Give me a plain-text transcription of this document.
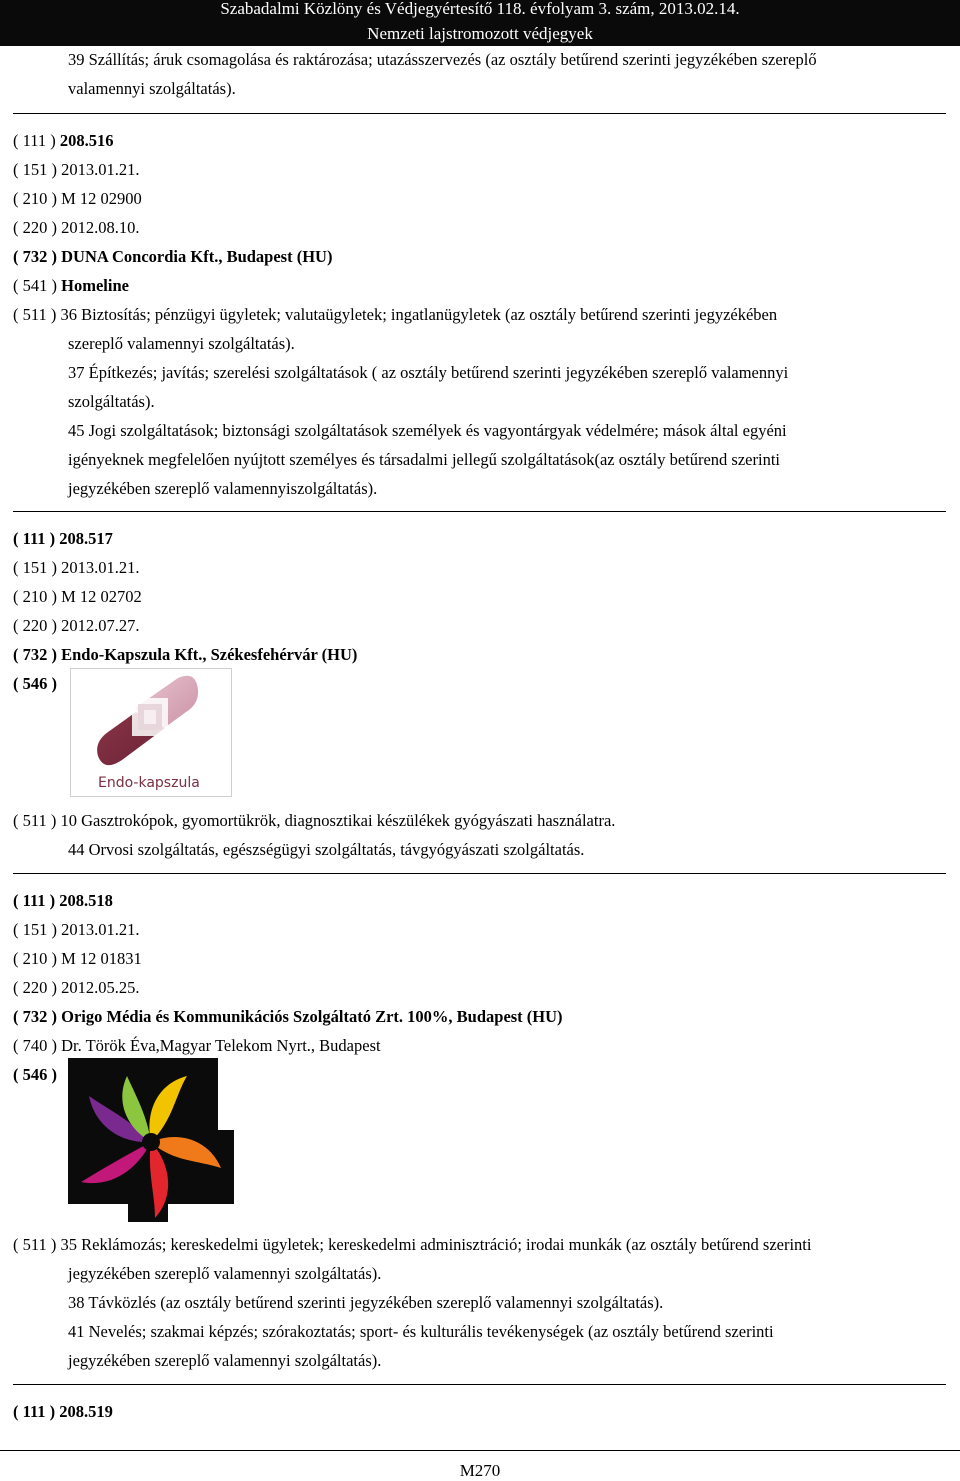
Szabadalmi Közlöny és Védjegyértesítő 118. évfolyam 3. szám, 2013.02.14.
Nemzeti lajstromozott védjegyek
39 Szállítás; áruk csomagolása és raktározása; utazásszervezés (az osztály betűrend szerinti jegyzékében szereplő
valamennyi szolgáltatás).
( 111 ) 208.516
( 151 ) 2013.01.21.
( 210 ) M 12 02900
( 220 ) 2012.08.10.
( 732 ) DUNA Concordia Kft., Budapest (HU)
( 541 ) Homeline
( 511 ) 36 Biztosítás; pénzügyi ügyletek; valutaügyletek; ingatlanügyletek (az osztály betűrend szerinti jegyzékében
szereplő valamennyi szolgáltatás).
37 Építkezés; javítás; szerelési szolgáltatások ( az osztály betűrend szerinti jegyzékében szereplő valamennyi
szolgáltatás).
45 Jogi szolgáltatások; biztonsági szolgáltatások személyek és vagyontárgyak védelmére; mások által egyéni
igényeknek megfelelően nyújtott személyes és társadalmi jellegű szolgáltatások(az osztály betűrend szerinti
jegyzékében szereplő valamennyiszolgáltatás).
( 111 ) 208.517
( 151 ) 2013.01.21.
( 210 ) M 12 02702
( 220 ) 2012.07.27.
( 732 ) Endo-Kapszula Kft., Székesfehérvár (HU)
( 546 )
Endo-kapszula
( 511 ) 10 Gasztrokópok, gyomortükrök, diagnosztikai készülékek gyógyászati használatra.
44 Orvosi szolgáltatás, egészségügyi szolgáltatás, távgyógyászati szolgáltatás.
( 111 ) 208.518
( 151 ) 2013.01.21.
( 210 ) M 12 01831
( 220 ) 2012.05.25.
( 732 ) Origo Média és Kommunikációs Szolgáltató Zrt. 100%, Budapest (HU)
( 740 ) Dr. Török Éva,Magyar Telekom Nyrt., Budapest
( 546 )
( 511 ) 35 Reklámozás; kereskedelmi ügyletek; kereskedelmi adminisztráció; irodai munkák (az osztály betűrend szerinti
jegyzékében szereplő valamennyi szolgáltatás).
38 Távközlés (az osztály betűrend szerinti jegyzékében szereplő valamennyi szolgáltatás).
41 Nevelés; szakmai képzés; szórakoztatás; sport- és kulturális tevékenységek (az osztály betűrend szerinti
jegyzékében szereplő valamennyi szolgáltatás).
( 111 ) 208.519
M270
